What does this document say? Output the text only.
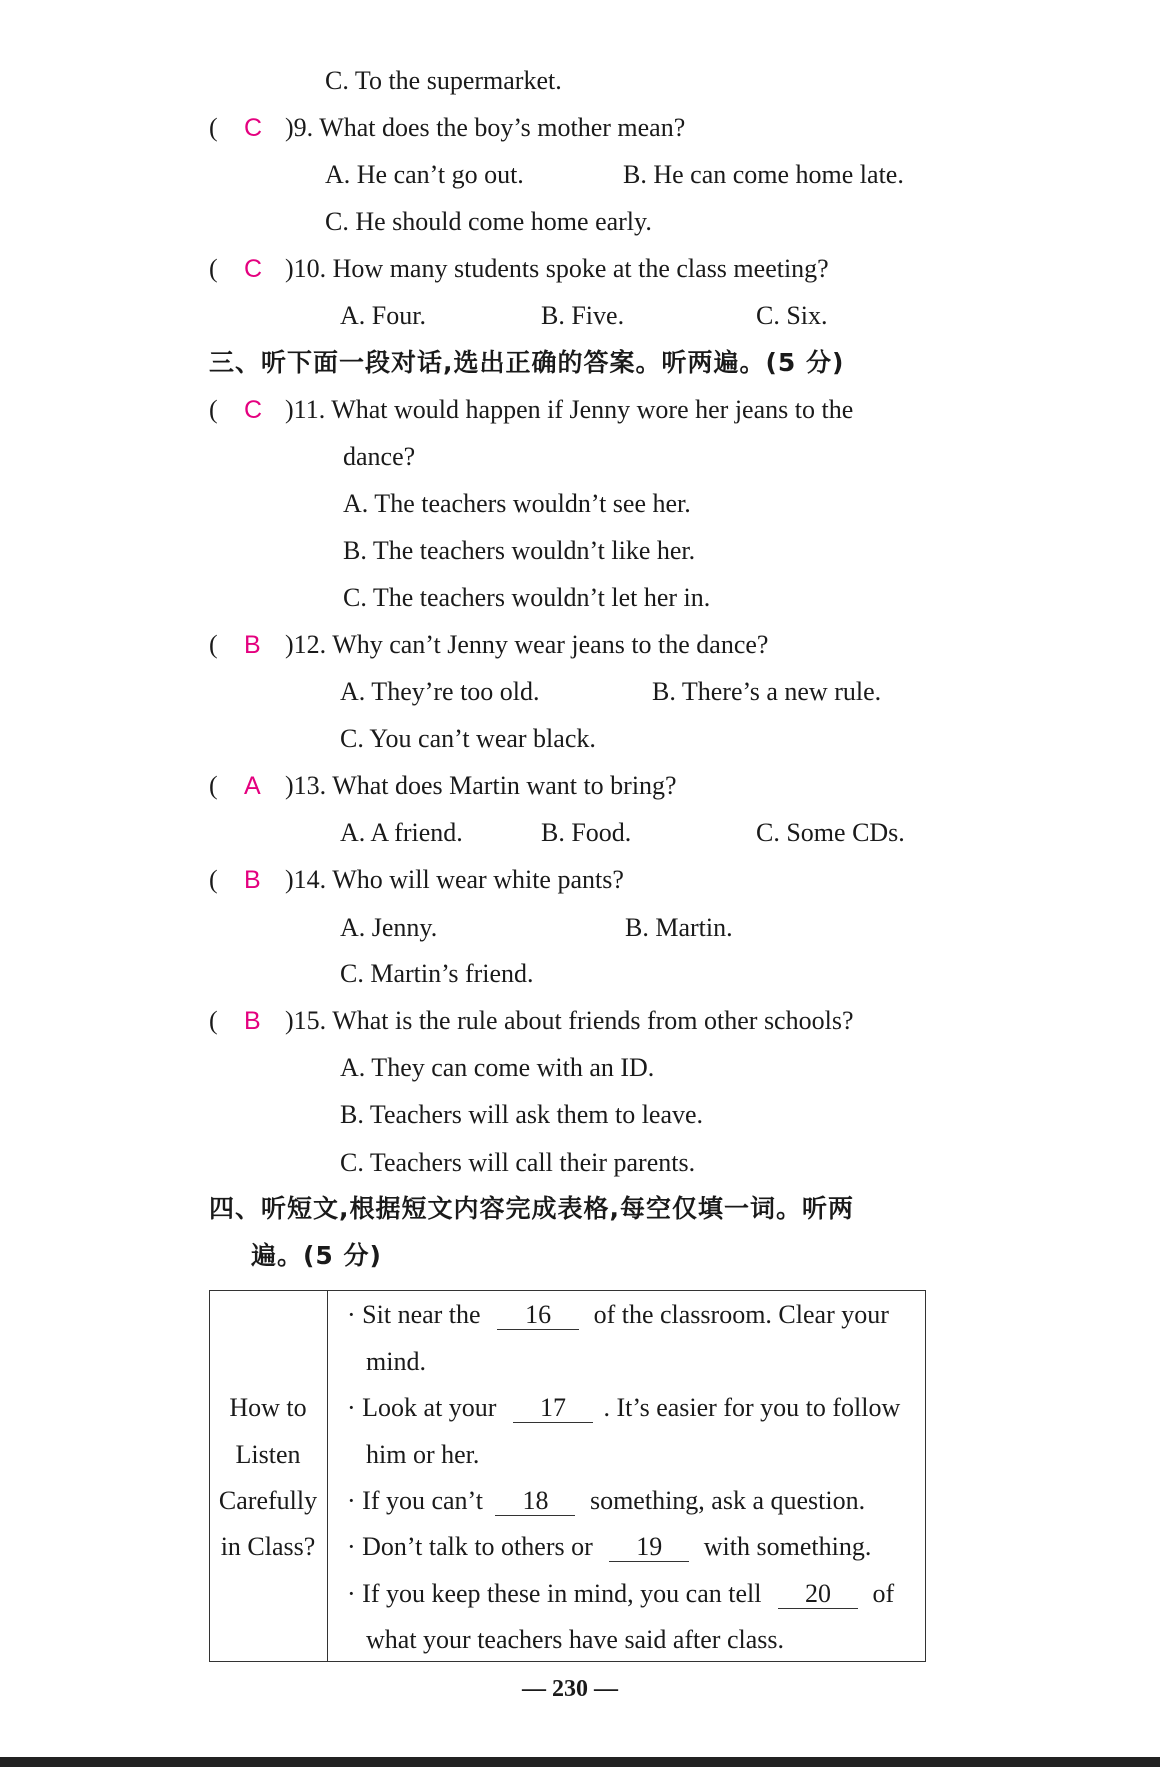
C. To the supermarket.
( C )9. What does the boy’s mother mean?
A. He can’t go out.	B. He can come home late.
C. He should come home early.
( C )10. How many students spoke at the class meeting?
A. Four.	B. Five.	C. Six.
三、听下面一段对话,选出正确的答案。听两遍。(5 分)
( C )11. What would happen if Jenny wore her jeans to the
dance?
A. The teachers wouldn’t see her.
B. The teachers wouldn’t like her.
C. The teachers wouldn’t let her in.
( B )12. Why can’t Jenny wear jeans to the dance?
A. They’re too old.	B. There’s a new rule.
C. You can’t wear black.
( A )13. What does Martin want to bring?
A. A friend.	B. Food.	C. Some CDs.
( B )14. Who will wear white pants?
A. Jenny.	B. Martin.
C. Martin’s friend.
( B )15. What is the rule about friends from other schools?
A. They can come with an ID.
B. Teachers will ask them to leave.
C. Teachers will call their parents.
四、听短文,根据短文内容完成表格,每空仅填一词。听两
遍。(5 分)
How to
Listen
Carefully
in Class?
· Sit near the 16 of the classroom. Clear your
mind.
· Look at your 17 . It’s easier for you to follow
him or her.
· If you can’t 18 something, ask a question.
· Don’t talk to others or 19 with something.
· If you keep these in mind, you can tell 20 of
what your teachers have said after class.
— 230 —
